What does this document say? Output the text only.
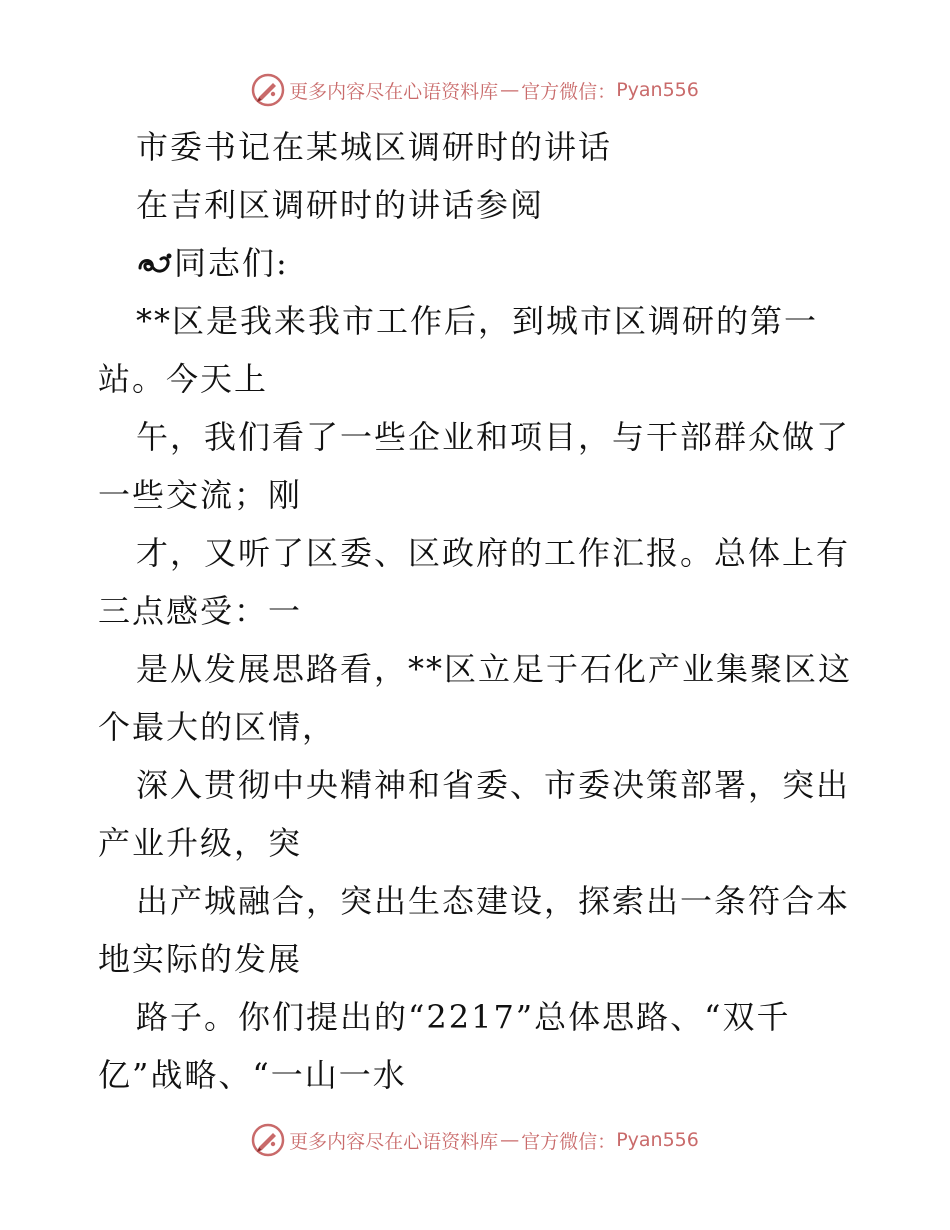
更多内容尽在心语资料库 — 官方微信： Pyan556
市委书记在某城区调研时的讲话
在吉利区调研时的讲话参阅
同志们:
**区是我来我市工作后，到城市区调研的第一
站。今天上
午，我们看了一些企业和项目，与干部群众做了
一些交流；刚
才，又听了区委、区政府的工作汇报。总体上有
三点感受：一
是从发展思路看，**区立足于石化产业集聚区这
个最大的区情，
深入贯彻中央精神和省委、市委决策部署，突出
产业升级，突
出产城融合，突出生态建设，探索出一条符合本
地实际的发展
路子。你们提出的“2217”总体思路、“双千
亿”战略、“一山一水
更多内容尽在心语资料库 — 官方微信： Pyan556
